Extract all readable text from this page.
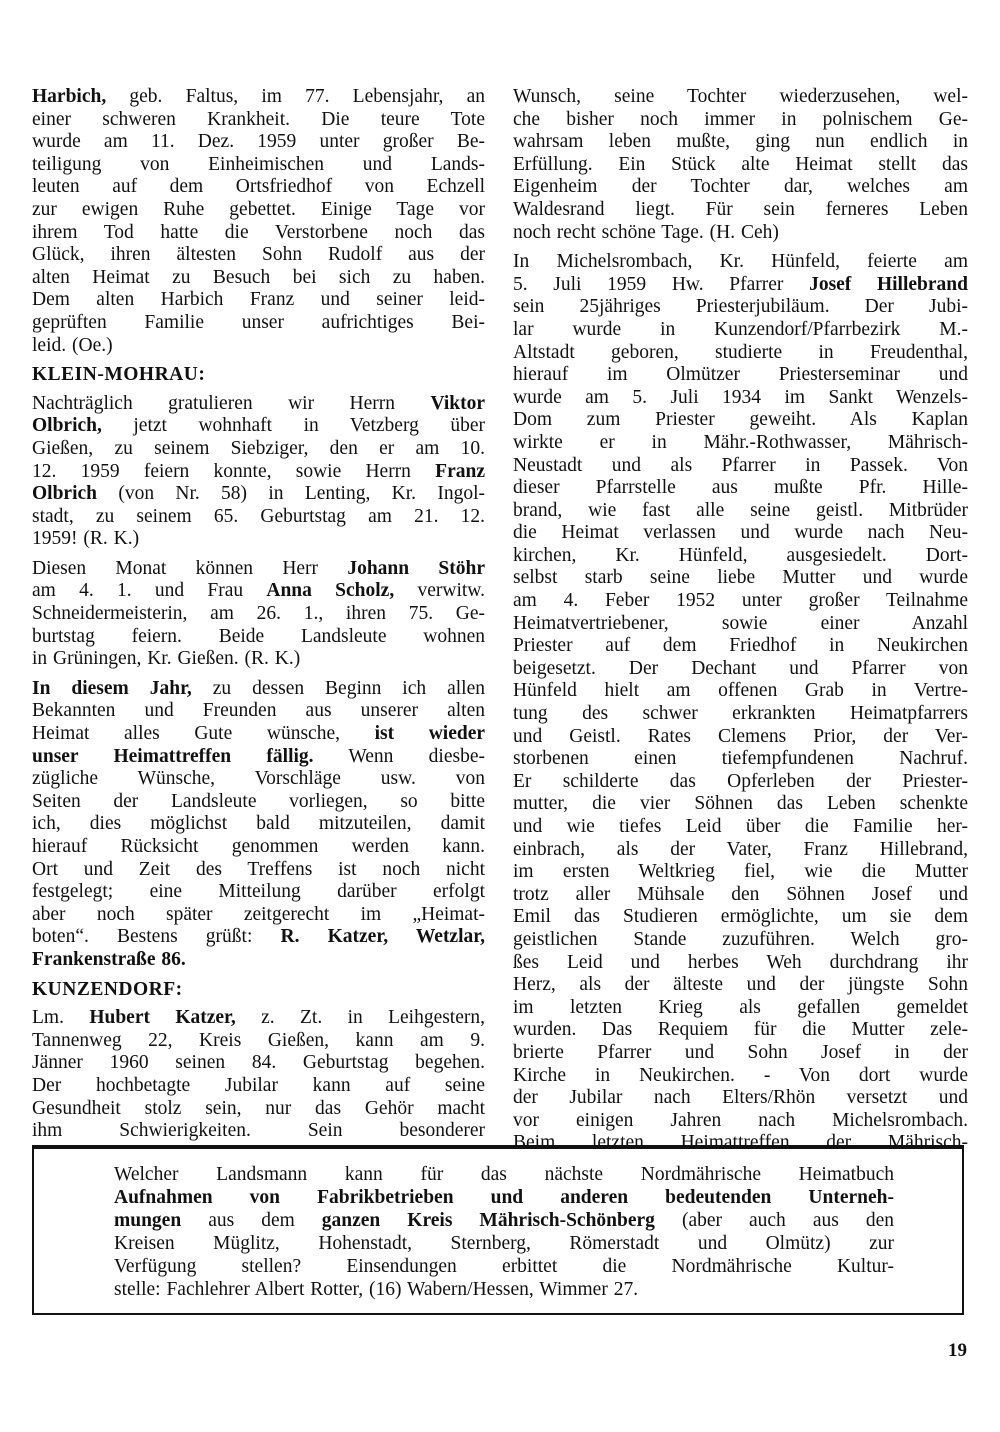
Harbich, geb. Faltus, im 77. Lebensjahr, an
einer schweren Krankheit. Die teure Tote
wurde am 11. Dez. 1959 unter großer Be-
teiligung von Einheimischen und Lands-
leuten auf dem Ortsfriedhof von Echzell
zur ewigen Ruhe gebettet. Einige Tage vor
ihrem Tod hatte die Verstorbene noch das
Glück, ihren ältesten Sohn Rudolf aus der
alten Heimat zu Besuch bei sich zu haben.
Dem alten Harbich Franz und seiner leid-
geprüften Familie unser aufrichtiges Bei-
leid. (Oe.)
KLEIN-MOHRAU:
Nachträglich gratulieren wir Herrn Viktor
Olbrich, jetzt wohnhaft in Vetzberg über
Gießen, zu seinem Siebziger, den er am 10.
12. 1959 feiern konnte, sowie Herrn Franz
Olbrich (von Nr. 58) in Lenting, Kr. Ingol-
stadt, zu seinem 65. Geburtstag am 21. 12.
1959! (R. K.)
Diesen Monat können Herr Johann Stöhr
am 4. 1. und Frau Anna Scholz, verwitw.
Schneidermeisterin, am 26. 1., ihren 75. Ge-
burtstag feiern. Beide Landsleute wohnen
in Grüningen, Kr. Gießen. (R. K.)
In diesem Jahr, zu dessen Beginn ich allen
Bekannten und Freunden aus unserer alten
Heimat alles Gute wünsche, ist wieder
unser Heimattreffen fällig. Wenn diesbe-
zügliche Wünsche, Vorschläge usw. von
Seiten der Landsleute vorliegen, so bitte
ich, dies möglichst bald mitzuteilen, damit
hierauf Rücksicht genommen werden kann.
Ort und Zeit des Treffens ist noch nicht
festgelegt; eine Mitteilung darüber erfolgt
aber noch später zeitgerecht im „Heimat-
boten“. Bestens grüßt: R. Katzer, Wetzlar,
Frankenstraße 86.
KUNZENDORF:
Lm. Hubert Katzer, z. Zt. in Leihgestern,
Tannenweg 22, Kreis Gießen, kann am 9.
Jänner 1960 seinen 84. Geburtstag begehen.
Der hochbetagte Jubilar kann auf seine
Gesundheit stolz sein, nur das Gehör macht
ihm Schwierigkeiten. Sein besonderer
Wunsch, seine Tochter wiederzusehen, wel-
che bisher noch immer in polnischem Ge-
wahrsam leben mußte, ging nun endlich in
Erfüllung. Ein Stück alte Heimat stellt das
Eigenheim der Tochter dar, welches am
Waldesrand liegt. Für sein ferneres Leben
noch recht schöne Tage. (H. Ceh)
In Michelsrombach, Kr. Hünfeld, feierte am
5. Juli 1959 Hw. Pfarrer Josef Hillebrand
sein 25jähriges Priesterjubiläum. Der Jubi-
lar wurde in Kunzendorf/Pfarrbezirk M.-
Altstadt geboren, studierte in Freudenthal,
hierauf im Olmützer Priesterseminar und
wurde am 5. Juli 1934 im Sankt Wenzels-
Dom zum Priester geweiht. Als Kaplan
wirkte er in Mähr.-Rothwasser, Mährisch-
Neustadt und als Pfarrer in Passek. Von
dieser Pfarrstelle aus mußte Pfr. Hille-
brand, wie fast alle seine geistl. Mitbrüder
die Heimat verlassen und wurde nach Neu-
kirchen, Kr. Hünfeld, ausgesiedelt. Dort-
selbst starb seine liebe Mutter und wurde
am 4. Feber 1952 unter großer Teilnahme
Heimatvertriebener, sowie einer Anzahl
Priester auf dem Friedhof in Neukirchen
beigesetzt. Der Dechant und Pfarrer von
Hünfeld hielt am offenen Grab in Vertre-
tung des schwer erkrankten Heimatpfarrers
und Geistl. Rates Clemens Prior, der Ver-
storbenen einen tiefempfundenen Nachruf.
Er schilderte das Opferleben der Priester-
mutter, die vier Söhnen das Leben schenkte
und wie tiefes Leid über die Familie her-
einbrach, als der Vater, Franz Hillebrand,
im ersten Weltkrieg fiel, wie die Mutter
trotz aller Mühsale den Söhnen Josef und
Emil das Studieren ermöglichte, um sie dem
geistlichen Stande zuzuführen. Welch gro-
ßes Leid und herbes Weh durchdrang ihr
Herz, als der älteste und der jüngste Sohn
im letzten Krieg als gefallen gemeldet
wurden. Das Requiem für die Mutter zele-
brierte Pfarrer und Sohn Josef in der
Kirche in Neukirchen. - Von dort wurde
der Jubilar nach Elters/Rhön versetzt und
vor einigen Jahren nach Michelsrombach.
Beim letzten Heimattreffen der Mährisch-
Welcher Landsmann kann für das nächste Nordmährische Heimatbuch
Aufnahmen von Fabrikbetrieben und anderen bedeutenden Unterneh-
mungen aus dem ganzen Kreis Mährisch-Schönberg (aber auch aus den
Kreisen Müglitz, Hohenstadt, Sternberg, Römerstadt und Olmütz) zur
Verfügung stellen? Einsendungen erbittet die Nordmährische Kultur-
stelle: Fachlehrer Albert Rotter, (16) Wabern/Hessen, Wimmer 27.
19
